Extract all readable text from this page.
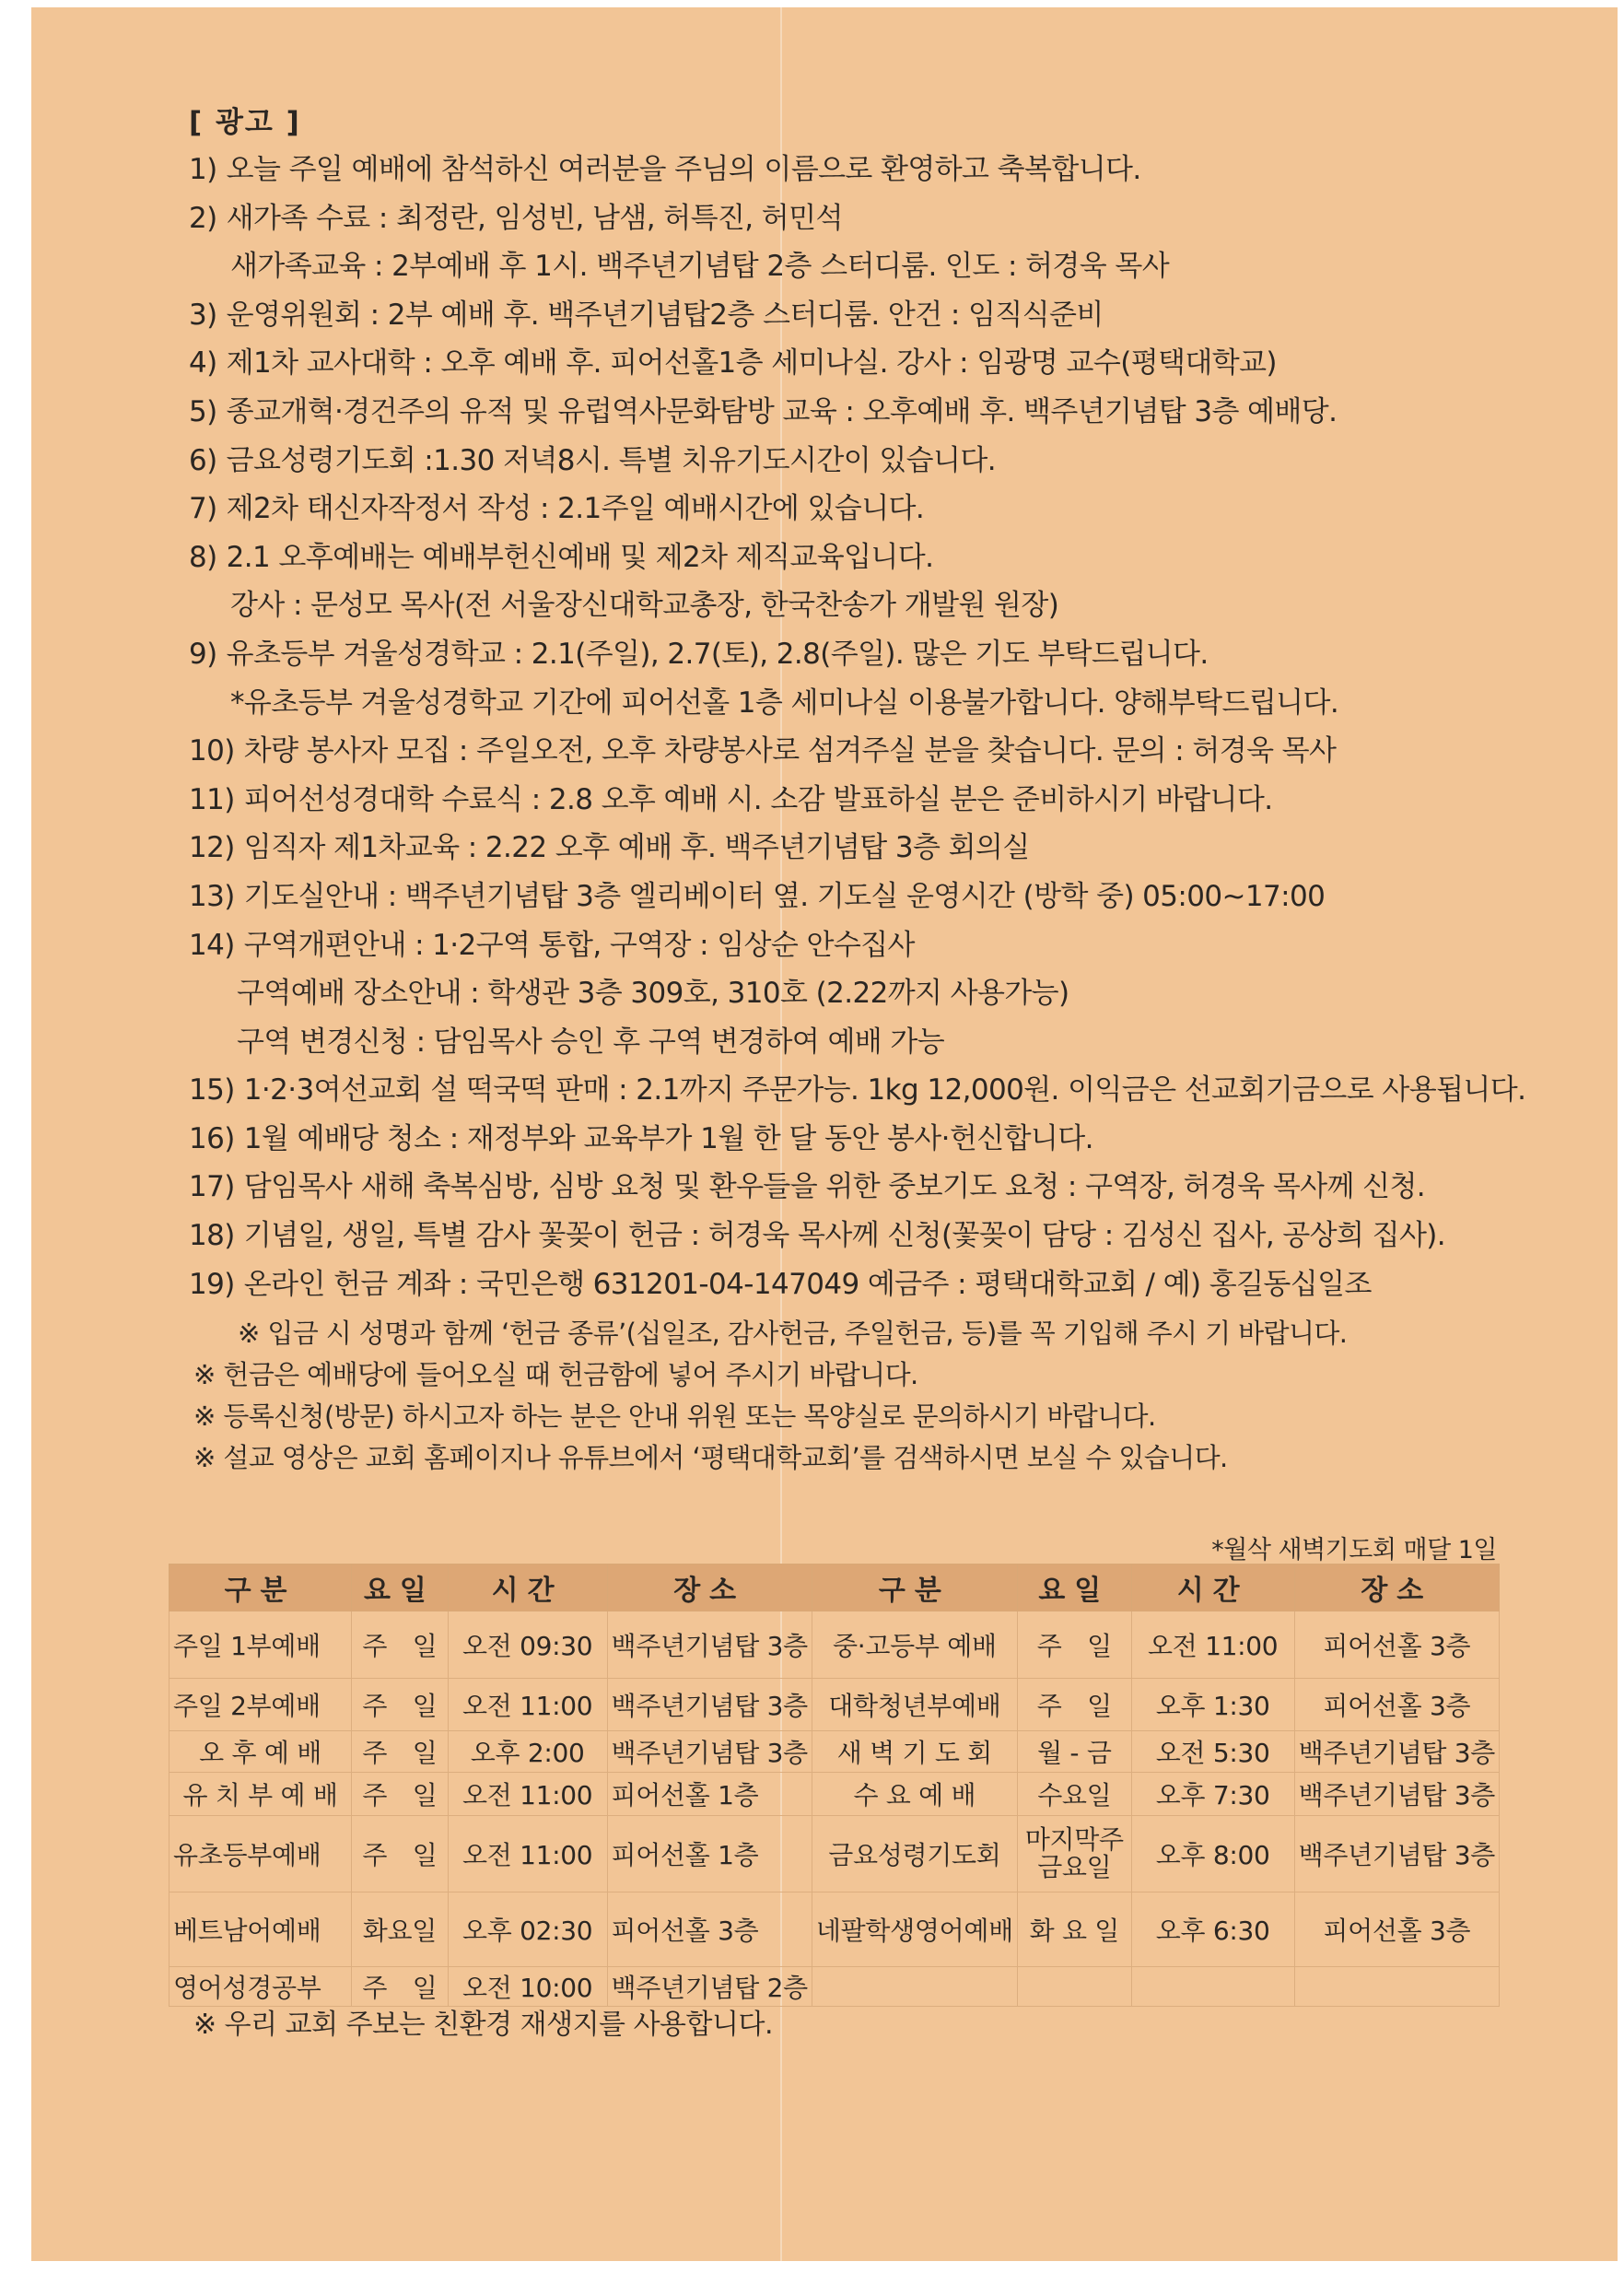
[ 광고 ]
1) 오늘 주일 예배에 참석하신 여러분을 주님의 이름으로 환영하고 축복합니다.
2) 새가족 수료 : 최정란, 임성빈, 남샘, 허특진, 허민석
새가족교육 : 2부예배 후 1시. 백주년기념탑 2층 스터디룸. 인도 : 허경욱 목사
3) 운영위원회 : 2부 예배 후. 백주년기념탑2층 스터디룸. 안건 : 임직식준비
4) 제1차 교사대학 : 오후 예배 후. 피어선홀1층 세미나실. 강사 : 임광명 교수(평택대학교)
5) 종교개혁·경건주의 유적 및 유럽역사문화탐방 교육 : 오후예배 후. 백주년기념탑 3층 예배당.
6) 금요성령기도회 :1.30 저녁8시. 특별 치유기도시간이 있습니다.
7) 제2차 태신자작정서 작성 : 2.1주일 예배시간에 있습니다.
8) 2.1 오후예배는 예배부헌신예배 및 제2차 제직교육입니다.
강사 : 문성모 목사(전 서울장신대학교총장, 한국찬송가 개발원 원장)
9) 유초등부 겨울성경학교 : 2.1(주일), 2.7(토), 2.8(주일). 많은 기도 부탁드립니다.
*유초등부 겨울성경학교 기간에 피어선홀 1층 세미나실 이용불가합니다. 양해부탁드립니다.
10) 차량 봉사자 모집 : 주일오전, 오후 차량봉사로 섬겨주실 분을 찾습니다. 문의 : 허경욱 목사
11) 피어선성경대학 수료식 : 2.8 오후 예배 시. 소감 발표하실 분은 준비하시기 바랍니다.
12) 임직자 제1차교육 : 2.22 오후 예배 후. 백주년기념탑 3층 회의실
13) 기도실안내 : 백주년기념탑 3층 엘리베이터 옆. 기도실 운영시간 (방학 중) 05:00~17:00
14) 구역개편안내 : 1·2구역 통합, 구역장 : 임상순 안수집사
구역예배 장소안내 : 학생관 3층 309호, 310호 (2.22까지 사용가능)
구역 변경신청 : 담임목사 승인 후 구역 변경하여 예배 가능
15) 1·2·3여선교회 설 떡국떡 판매 : 2.1까지 주문가능. 1kg 12,000원. 이익금은 선교회기금으로 사용됩니다.
16) 1월 예배당 청소 : 재정부와 교육부가 1월 한 달 동안 봉사·헌신합니다.
17) 담임목사 새해 축복심방, 심방 요청 및 환우들을 위한 중보기도 요청 : 구역장, 허경욱 목사께 신청.
18) 기념일, 생일, 특별 감사 꽃꽂이 헌금 : 허경욱 목사께 신청(꽃꽂이 담당 : 김성신 집사, 공상희 집사).
19) 온라인 헌금 계좌 : 국민은행 631201-04-147049 예금주 : 평택대학교회 / 예) 홍길동십일조
※ 입금 시 성명과 함께 ‘헌금 종류’(십일조, 감사헌금, 주일헌금, 등)를 꼭 기입해 주시 기 바랍니다.
※ 헌금은 예배당에 들어오실 때 헌금함에 넣어 주시기 바랍니다.
※ 등록신청(방문) 하시고자 하는 분은 안내 위원 또는 목양실로 문의하시기 바랍니다.
※ 설교 영상은 교회 홈페이지나 유튜브에서 ‘평택대학교회’를 검색하시면 보실 수 있습니다.
*월삭 새벽기도회 매달 1일
구분	요일	시간	장소	구분	요일	시간	장소
주일 1부예배	주　일	오전 09:30	백주년기념탑 3층	중·고등부 예배	주　일	오전 11:00	피어선홀 3층
주일 2부예배	주　일	오전 11:00	백주년기념탑 3층	대학청년부예배	주　일	오후 1:30	피어선홀 3층
오 후 예 배	주　일	오후 2:00	백주년기념탑 3층	새 벽 기 도 회	월 - 금	오전 5:30	백주년기념탑 3층
유 치 부 예 배	주　일	오전 11:00	피어선홀 1층	수 요 예 배	수요일	오후 7:30	백주년기념탑 3층
유초등부예배	주　일	오전 11:00	피어선홀 1층	금요성령기도회	마지막주 금요일	오후 8:00	백주년기념탑 3층
베트남어예배	화요일	오후 02:30	피어선홀 3층	네팔학생영어예배	화 요 일	오후 6:30	피어선홀 3층
영어성경공부	주　일	오전 10:00	백주년기념탑 2층				
※ 우리 교회 주보는 친환경 재생지를 사용합니다.
